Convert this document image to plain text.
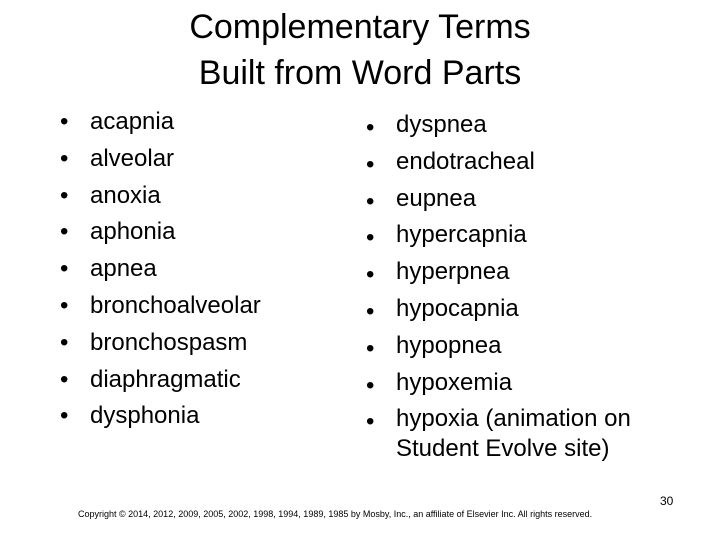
Complementary Terms
Built from Word Parts
• acapnia
• alveolar
• anoxia
• aphonia
• apnea
• bronchoalveolar
• bronchospasm
• diaphragmatic
• dysphonia
• dyspnea
• endotracheal
• eupnea
• hypercapnia
• hyperpnea
• hypocapnia
• hypopnea
• hypoxemia
• hypoxia (animation on Student Evolve site)
Copyright © 2014, 2012, 2009, 2005, 2002, 1998, 1994, 1989, 1985 by Mosby, Inc., an affiliate of Elsevier Inc. All rights reserved.
30
